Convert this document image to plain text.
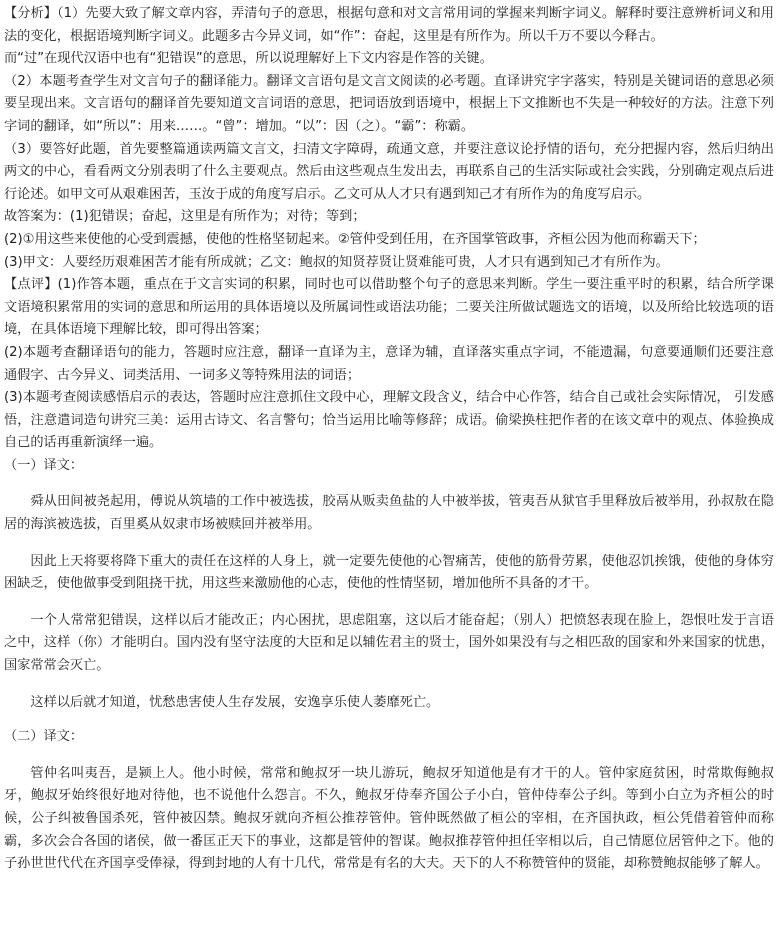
【分析】（1）先要大致了解文章内容，弄清句子的意思，根据句意和对文言常用词的掌握来判断字词义。解释时要注意辨析词义和用法的变化，根据语境判断字词义。此题多古今异义词，如“作”：奋起，这里是有所作为。所以千万不要以今释古。

而“过”在现代汉语中也有“犯错误”的意思，所以说理解好上下文内容是作答的关键。

（2）本题考查学生对文言句子的翻译能力。翻译文言语句是文言文阅读的必考题。直译讲究字字落实，特别是关键词语的意思必须要呈现出来。文言语句的翻译首先要知道文言词语的意思，把词语放到语境中，根据上下文推断也不失是一种较好的方法。注意下列字词的翻译，如“所以”：用来……。“曾”：增加。“以”：因（之）。“霸”：称霸。

（3）要答好此题，首先要整篇通读两篇文言文，扫清文字障碍，疏通文意，并要注意议论抒情的语句，充分把握内容，然后归纳出两文的中心，看看两文分别表明了什么主要观点。然后由这些观点生发出去，再联系自己的生活实际或社会实践，分别确定观点后进行论述。如甲文可从艰难困苦，玉汝于成的角度写启示。乙文可从人才只有遇到知己才有所作为的角度写启示。

故答案为：(1)犯错误；奋起，这里是有所作为；对待；等到；

(2)①用这些来使他的心受到震撼，使他的性格坚韧起来。②管仲受到任用，在齐国掌管政事，齐桓公因为他而称霸天下；

(3)甲文：人要经历艰难困苦才能有所成就；乙文：鲍叔的知贤荐贤让贤难能可贵，人才只有遇到知己才有所作为。

【点评】(1)作答本题，重点在于文言实词的积累，同时也可以借助整个句子的意思来判断。学生一要注重平时的积累，结合所学课文语境积累常用的实词的意思和所运用的具体语境以及所属词性或语法功能；二要关注所做试题选文的语境，以及所给比较选项的语境，在具体语境下理解比较，即可得出答案；

(2)本题考查翻译语句的能力，答题时应注意，翻译一直译为主，意译为辅，直译落实重点字词，不能遗漏，句意要通顺们还要注意通假字、古今异义、词类活用、一词多义等特殊用法的词语；

(3)本题考查阅读感悟启示的表达，答题时应注意抓住文段中心，理解文段含义，结合中心作答，结合自己或社会实际情况， 引发感悟，注意遣词造句讲究三美：运用古诗文、名言警句；恰当运用比喻等修辞；成语。偷梁换柱把作者的在该文章中的观点、体验换成自己的话再重新演绎一遍。

（一）译文：

舜从田间被尧起用，傅说从筑墙的工作中被选拔，胶鬲从贩卖鱼盐的人中被举拔，管夷吾从狱官手里释放后被举用，孙叔敖在隐居的海滨被选拔，百里奚从奴隶市场被赎回并被举用。

因此上天将要将降下重大的责任在这样的人身上，就一定要先使他的心智痛苦，使他的筋骨劳累，使他忍饥挨饿，使他的身体穷困缺乏，使他做事受到阻挠干扰，用这些来激励他的心志，使他的性情坚韧，增加他所不具备的才干。

一个人常常犯错误，这样以后才能改正；内心困扰，思虑阻塞，这以后才能奋起；（别人）把愤怒表现在脸上，怨恨吐发于言语之中，这样（你）才能明白。国内没有坚守法度的大臣和足以辅佐君主的贤士，国外如果没有与之相匹敌的国家和外来国家的忧患，国家常常会灭亡。

这样以后就才知道，忧愁患害使人生存发展，安逸享乐使人萎靡死亡。

（二）译文：

管仲名叫夷吾，是颍上人。他小时候，常常和鲍叔牙一块儿游玩，鲍叔牙知道他是有才干的人。管仲家庭贫困，时常欺侮鲍叔牙，鲍叔牙始终很好地对待他，也不说他什么怨言。不久，鲍叔牙侍奉齐国公子小白，管仲侍奉公子纠。等到小白立为齐桓公的时候，公子纠被鲁国杀死，管仲被囚禁。鲍叔牙就向齐桓公推荐管仲。管仲既然做了桓公的宰相，在齐国执政，桓公凭借着管仲而称霸，多次会合各国的诸侯，做一番匡正天下的事业，这都是管仲的智谋。鲍叔推荐管仲担任宰相以后，自己情愿位居管仲之下。他的子孙世世代代在齐国享受俸禄，得到封地的人有十几代，常常是有名的大夫。天下的人不称赞管仲的贤能，却称赞鲍叔能够了解人。
